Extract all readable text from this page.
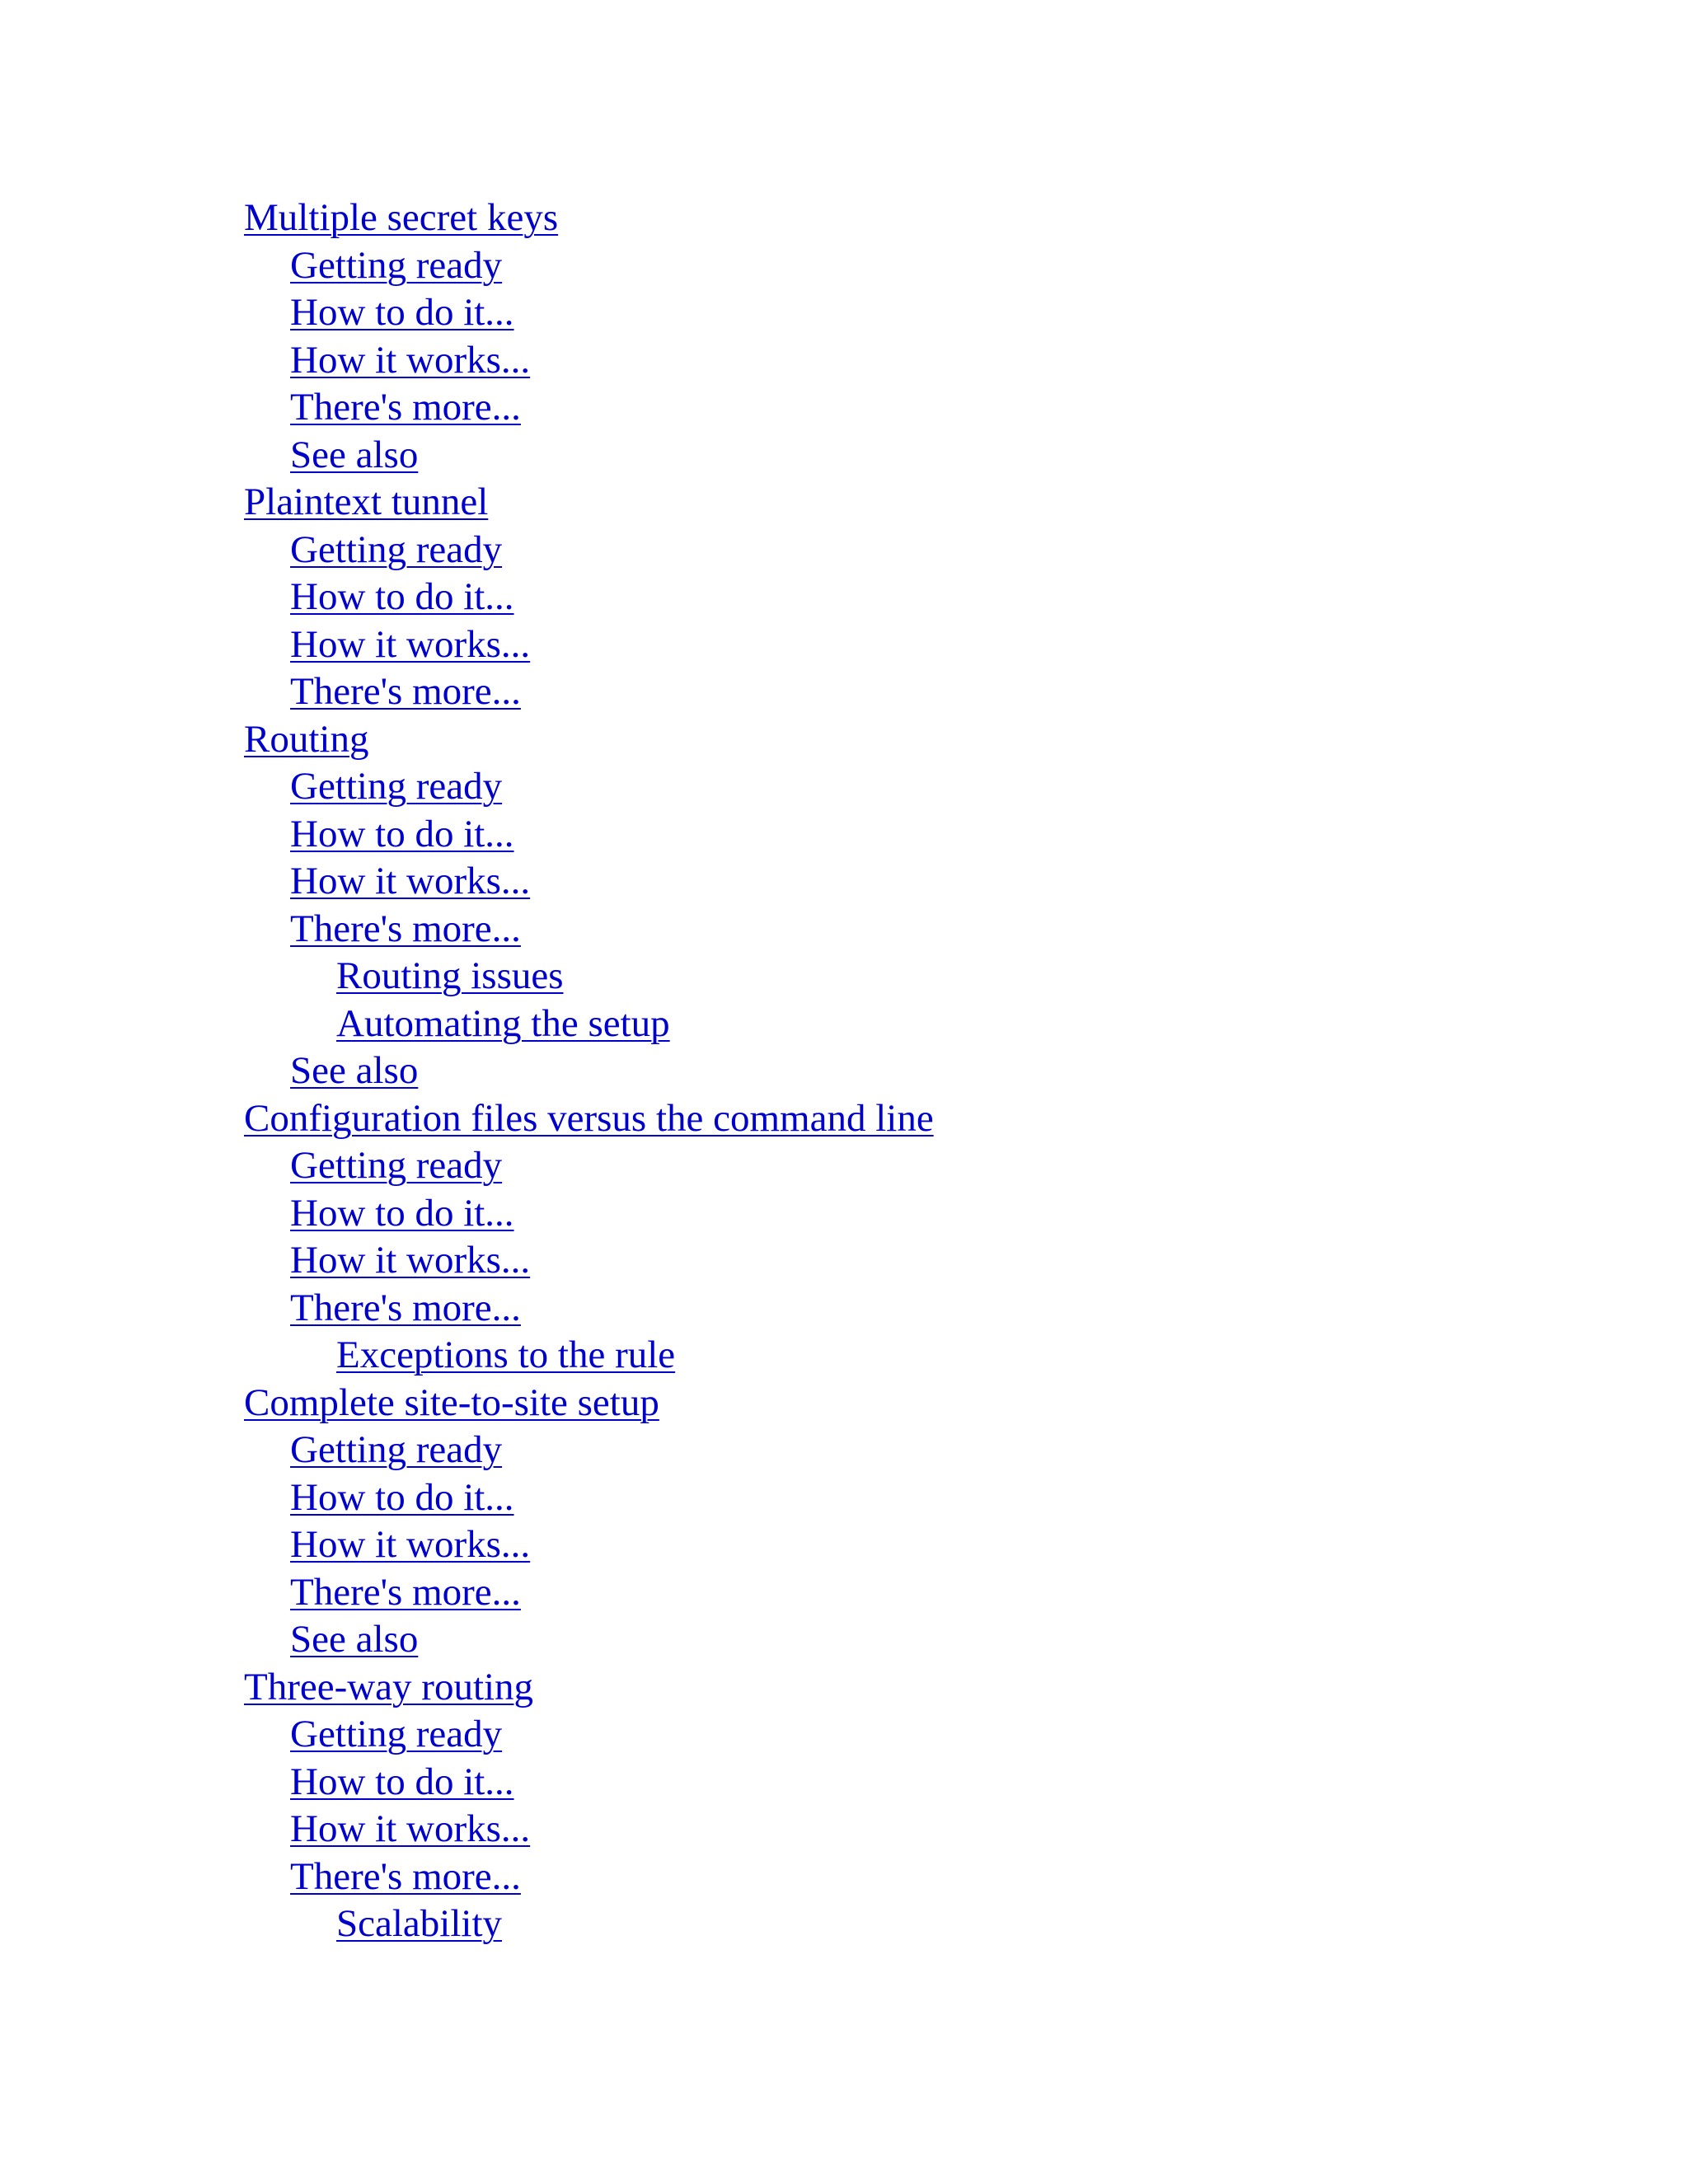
Multiple secret keys
Getting ready
How to do it...
How it works...
There's more...
See also
Plaintext tunnel
Getting ready
How to do it...
How it works...
There's more...
Routing
Getting ready
How to do it...
How it works...
There's more...
Routing issues
Automating the setup
See also
Configuration files versus the command line
Getting ready
How to do it...
How it works...
There's more...
Exceptions to the rule
Complete site-to-site setup
Getting ready
How to do it...
How it works...
There's more...
See also
Three-way routing
Getting ready
How to do it...
How it works...
There's more...
Scalability
